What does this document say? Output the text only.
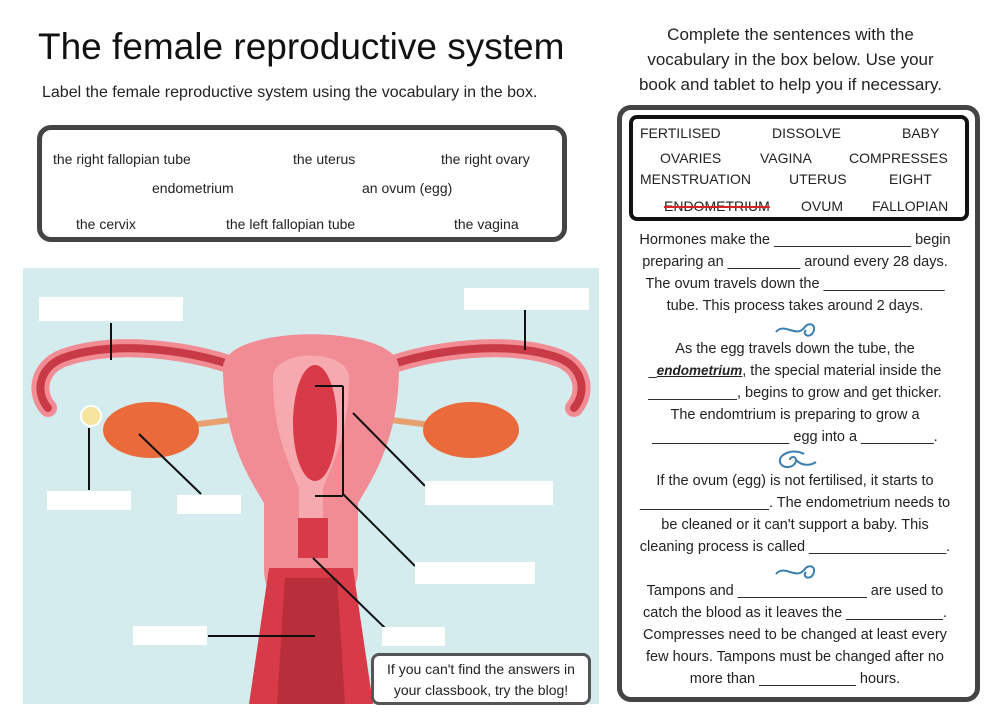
The female reproductive system
Label the female reproductive system using the vocabulary in the box.
the right fallopian tube	the uterus	the right ovary
endometrium	an ovum (egg)
the cervix	the left fallopian tube	the vagina
If you can't find the answers in
your classbook, try the blog!
Complete the sentences with the
vocabulary in the box below. Use your
book and tablet to help you if necessary.
FERTILISED	DISSOLVE	BABY
OVARIES	VAGINA	COMPRESSES
MENSTRUATION	UTERUS	EIGHT
ENDOMETRIUM OVUM FALLOPIAN
Hormones make the _________________ begin
preparing an _________ around every 28 days.
The ovum travels down the _______________
tube. This process takes around 2 days.
As the egg travels down the tube, the
_endometrium, the special material inside the
___________, begins to grow and get thicker.
The endomtrium is preparing to grow a
_________________ egg into a _________.
If the ovum (egg) is not fertilised, it starts to
________________. The endometrium needs to
be cleaned or it can't support a baby. This
cleaning process is called _________________.
Tampons and ________________ are used to
catch the blood as it leaves the ____________.
Compresses need to be changed at least every
few hours. Tampons must be changed after no
more than ____________ hours.
